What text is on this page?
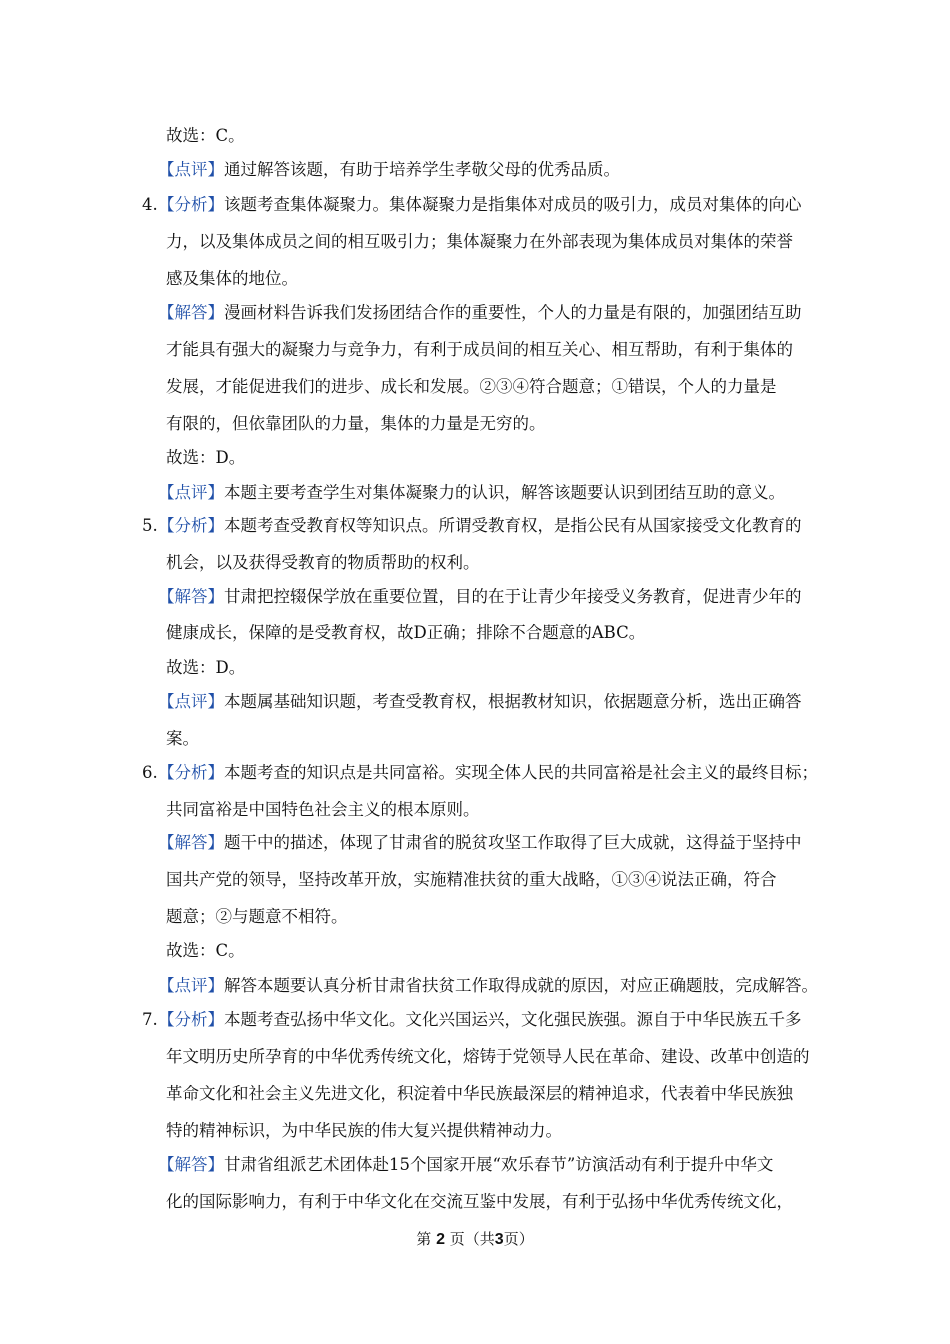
故选：C。
【点评】通过解答该题，有助于培养学生孝敬父母的优秀品质。
4. 【分析】该题考查集体凝聚力。集体凝聚力是指集体对成员的吸引力，成员对集体的向心
力，以及集体成员之间的相互吸引力；集体凝聚力在外部表现为集体成员对集体的荣誉
感及集体的地位。
【解答】漫画材料告诉我们发扬团结合作的重要性，个人的力量是有限的，加强团结互助
才能具有强大的凝聚力与竞争力，有利于成员间的相互关心、相互帮助，有利于集体的
发展，才能促进我们的进步、成长和发展。②③④符合题意；①错误，个人的力量是
有限的，但依靠团队的力量，集体的力量是无穷的。
故选：D。
【点评】本题主要考查学生对集体凝聚力的认识，解答该题要认识到团结互助的意义。
5. 【分析】本题考查受教育权等知识点。所谓受教育权，是指公民有从国家接受文化教育的
机会，以及获得受教育的物质帮助的权利。
【解答】甘肃把控辍保学放在重要位置，目的在于让青少年接受义务教育，促进青少年的
健康成长，保障的是受教育权，故D正确；排除不合题意的ABC。
故选：D。
【点评】本题属基础知识题，考查受教育权，根据教材知识，依据题意分析，选出正确答
案。
6. 【分析】本题考查的知识点是共同富裕。实现全体人民的共同富裕是社会主义的最终目标；
共同富裕是中国特色社会主义的根本原则。
【解答】题干中的描述，体现了甘肃省的脱贫攻坚工作取得了巨大成就，这得益于坚持中
国共产党的领导，坚持改革开放，实施精准扶贫的重大战略，①③④说法正确，符合
题意；②与题意不相符。
故选：C。
【点评】解答本题要认真分析甘肃省扶贫工作取得成就的原因，对应正确题肢，完成解答。
7. 【分析】本题考查弘扬中华文化。文化兴国运兴，文化强民族强。源自于中华民族五千多
年文明历史所孕育的中华优秀传统文化，熔铸于党领导人民在革命、建设、改革中创造的
革命文化和社会主义先进文化，积淀着中华民族最深层的精神追求，代表着中华民族独
特的精神标识，为中华民族的伟大复兴提供精神动力。
【解答】甘肃省组派艺术团体赴15个国家开展“欢乐春节”访演活动有利于提升中华文
化的国际影响力，有利于中华文化在交流互鉴中发展，有利于弘扬中华优秀传统文化，
第 2 页（共3页）
